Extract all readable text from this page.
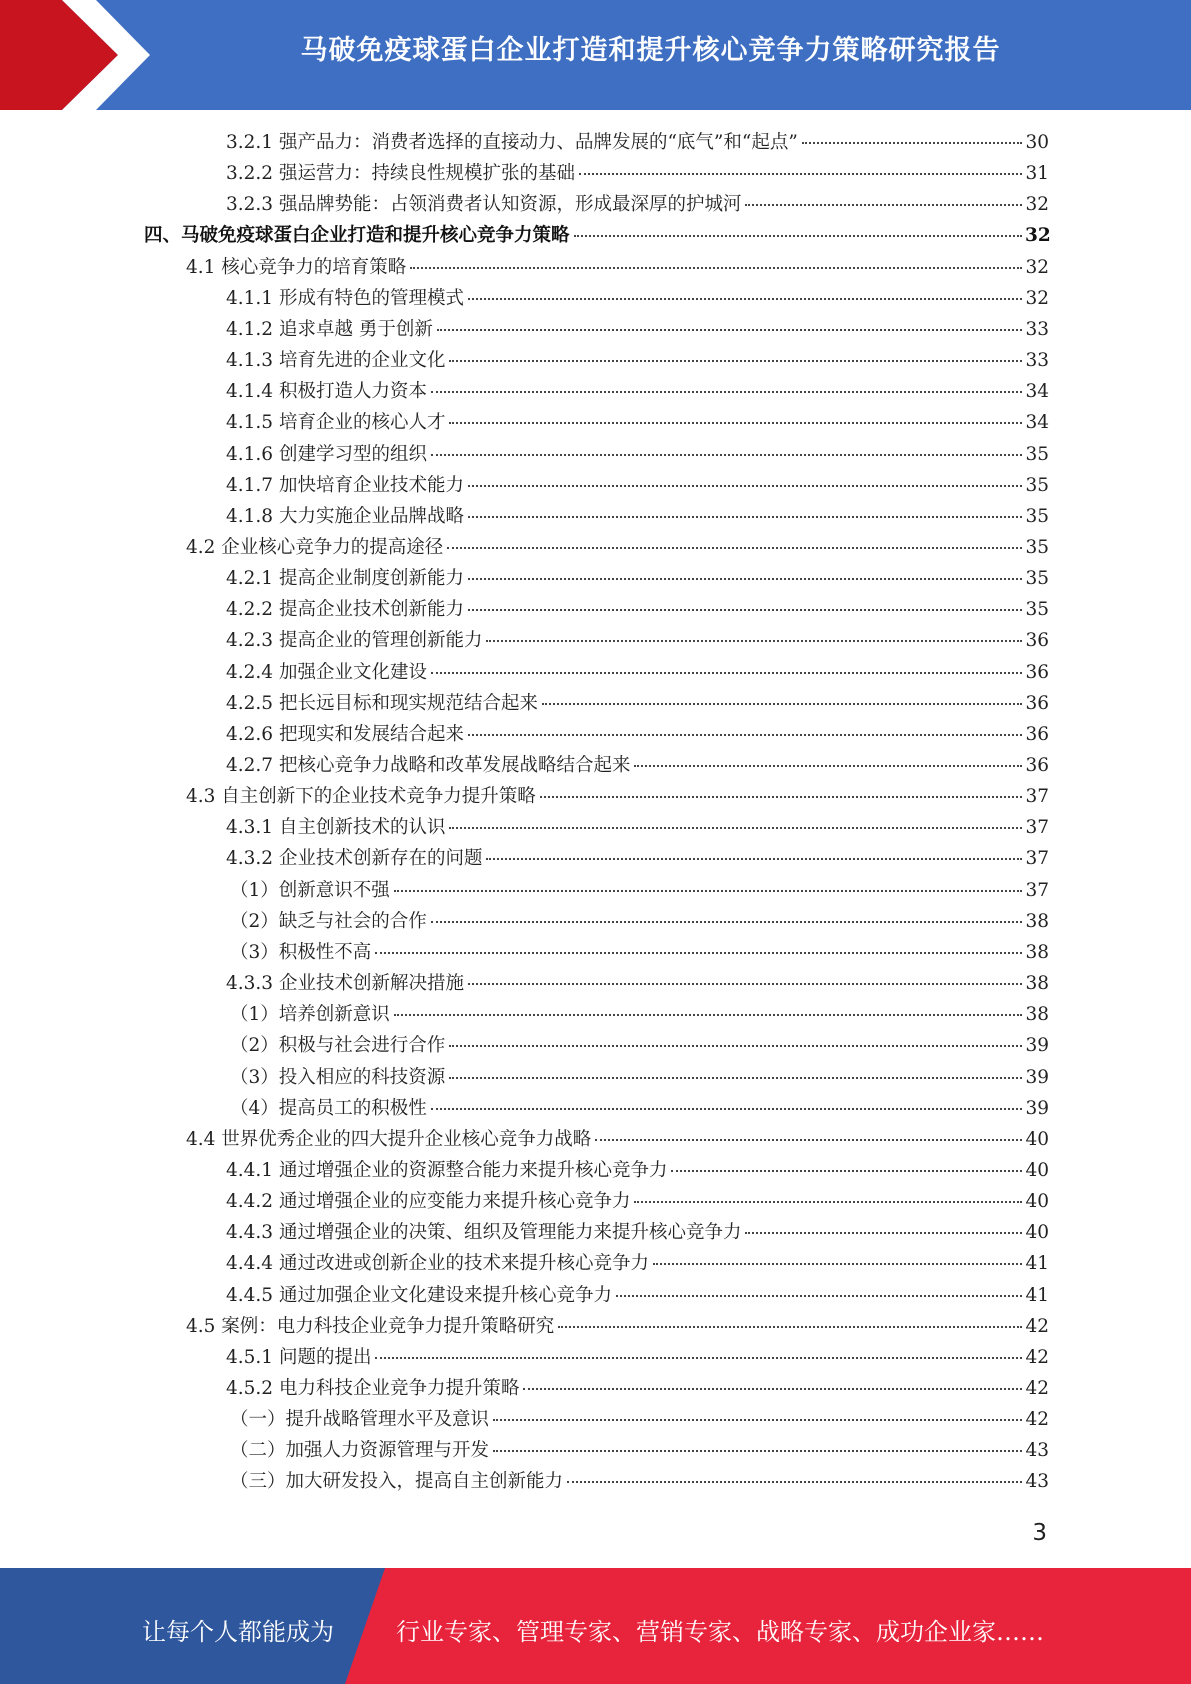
马破免疫球蛋白企业打造和提升核心竞争力策略研究报告
3.2.1 强产品力：消费者选择的直接动力、品牌发展的“底气”和“起点”	30
3.2.2 强运营力：持续良性规模扩张的基础	31
3.2.3 强品牌势能：占领消费者认知资源，形成最深厚的护城河	32
四、马破免疫球蛋白企业打造和提升核心竞争力策略	32
4.1 核心竞争力的培育策略	32
4.1.1 形成有特色的管理模式	32
4.1.2 追求卓越 勇于创新	33
4.1.3 培育先进的企业文化	33
4.1.4 积极打造人力资本	34
4.1.5 培育企业的核心人才	34
4.1.6 创建学习型的组织	35
4.1.7 加快培育企业技术能力	35
4.1.8 大力实施企业品牌战略	35
4.2 企业核心竞争力的提高途径	35
4.2.1 提高企业制度创新能力	35
4.2.2 提高企业技术创新能力	35
4.2.3 提高企业的管理创新能力	36
4.2.4 加强企业文化建设	36
4.2.5 把长远目标和现实规范结合起来	36
4.2.6 把现实和发展结合起来	36
4.2.7 把核心竞争力战略和改革发展战略结合起来	36
4.3 自主创新下的企业技术竞争力提升策略	37
4.3.1 自主创新技术的认识	37
4.3.2 企业技术创新存在的问题	37
（1）创新意识不强	37
（2）缺乏与社会的合作	38
（3）积极性不高	38
4.3.3 企业技术创新解决措施	38
（1）培养创新意识	38
（2）积极与社会进行合作	39
（3）投入相应的科技资源	39
（4）提高员工的积极性	39
4.4 世界优秀企业的四大提升企业核心竞争力战略	40
4.4.1 通过增强企业的资源整合能力来提升核心竞争力	40
4.4.2 通过增强企业的应变能力来提升核心竞争力	40
4.4.3 通过增强企业的决策、组织及管理能力来提升核心竞争力	40
4.4.4 通过改进或创新企业的技术来提升核心竞争力	41
4.4.5 通过加强企业文化建设来提升核心竞争力	41
4.5 案例：电力科技企业竞争力提升策略研究	42
4.5.1 问题的提出	42
4.5.2 电力科技企业竞争力提升策略	42
（一）提升战略管理水平及意识	42
（二）加强人力资源管理与开发	43
（三）加大研发投入，提高自主创新能力	43
3
让每个人都能成为	行业专家、管理专家、营销专家、战略专家、成功企业家……
